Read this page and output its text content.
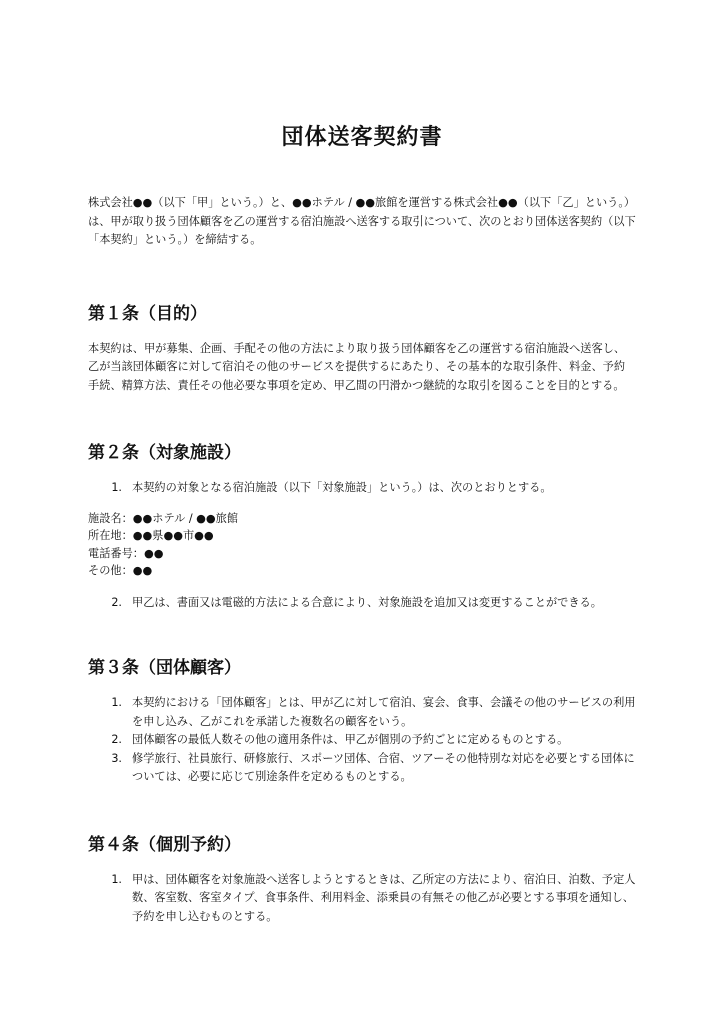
団体送客契約書

株式会社●●（以下「甲」という。）と、●●ホテル / ●●旅館を運営する株式会社●●（以下「乙」という。）は、甲が取り扱う団体顧客を乙の運営する宿泊施設へ送客する取引について、次のとおり団体送客契約（以下「本契約」という。）を締結する。

第１条（目的）

本契約は、甲が募集、企画、手配その他の方法により取り扱う団体顧客を乙の運営する宿泊施設へ送客し、乙が当該団体顧客に対して宿泊その他のサービスを提供するにあたり、その基本的な取引条件、料金、予約手続、精算方法、責任その他必要な事項を定め、甲乙間の円滑かつ継続的な取引を図ることを目的とする。

第２条（対象施設）
1. 本契約の対象となる宿泊施設（以下「対象施設」という。）は、次のとおりとする。
施設名：●●ホテル / ●●旅館
所在地：●●県●●市●●
電話番号：●●
その他：●●
2. 甲乙は、書面又は電磁的方法による合意により、対象施設を追加又は変更することができる。
第３条（団体顧客）
1. 本契約における「団体顧客」とは、甲が乙に対して宿泊、宴会、食事、会議その他のサービスの利用を申し込み、乙がこれを承諾した複数名の顧客をいう。
2. 団体顧客の最低人数その他の適用条件は、甲乙が個別の予約ごとに定めるものとする。
3. 修学旅行、社員旅行、研修旅行、スポーツ団体、合宿、ツアーその他特別な対応を必要とする団体については、必要に応じて別途条件を定めるものとする。
第４条（個別予約）
1. 甲は、団体顧客を対象施設へ送客しようとするときは、乙所定の方法により、宿泊日、泊数、予定人数、客室数、客室タイプ、食事条件、利用料金、添乗員の有無その他乙が必要とする事項を通知し、予約を申し込むものとする。
